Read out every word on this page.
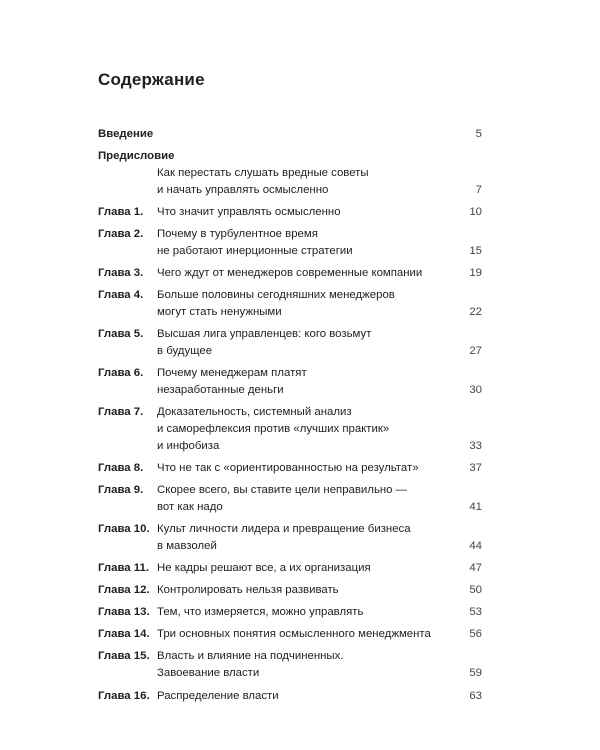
Содержание
Введение	5
Предисловие
Как перестать слушать вредные советы
и начать управлять осмысленно	7
Глава 1.	Что значит управлять осмысленно	10
Глава 2.	Почему в турбулентное время
не работают инерционные стратегии	15
Глава 3.	Чего ждут от менеджеров современные компании	19
Глава 4.	Больше половины сегодняшних менеджеров
могут стать ненужными	22
Глава 5.	Высшая лига управленцев: кого возьмут
в будущее	27
Глава 6.	Почему менеджерам платят
незаработанные деньги	30
Глава 7.	Доказательность, системный анализ
и саморефлексия против «лучших практик»
и инфобиза	33
Глава 8.	Что не так с «ориентированностью на результат»	37
Глава 9.	Скорее всего, вы ставите цели неправильно —
вот как надо	41
Глава 10. Культ личности лидера и превращение бизнеса
в мавзолей	44
Глава 11. Не кадры решают все, а их организация	47
Глава 12. Контролировать нельзя развивать	50
Глава 13. Тем, что измеряется, можно управлять	53
Глава 14. Три основных понятия осмысленного менеджмента	56
Глава 15. Власть и влияние на подчиненных.
Завоевание власти	59
Глава 16. Распределение власти	63
